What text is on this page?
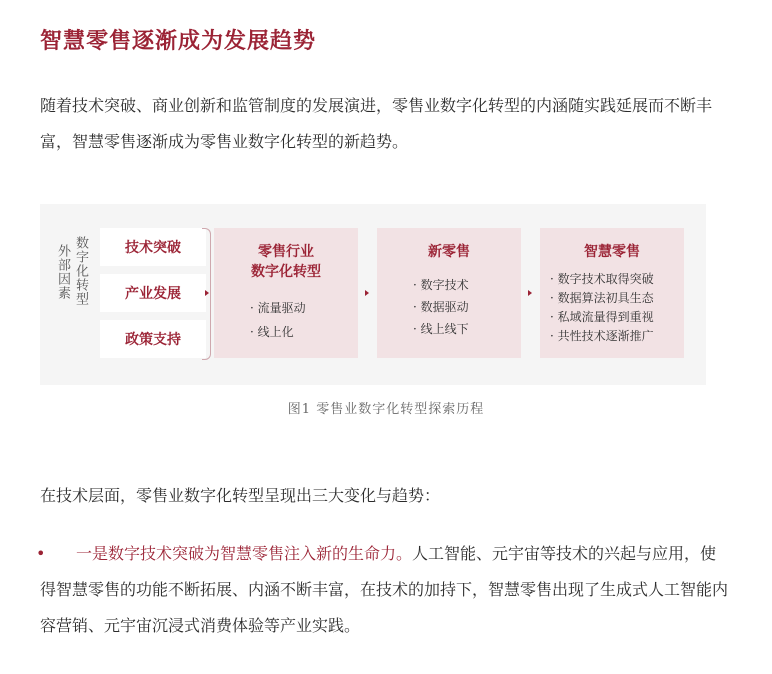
智慧零售逐渐成为发展趋势
随着技术突破、商业创新和监管制度的发展演进，零售业数字化转型的内涵随实践延展而不断丰富，智慧零售逐渐成为零售业数字化转型的新趋势。
外部因素 数字化转型	技术突破
产业发展
政策支持
零售行业
数字化转型
· 流量驱动
· 线上化
新零售
· 数字技术
· 数据驱动
· 线上线下
智慧零售
· 数字技术取得突破
· 数据算法初具生态
· 私域流量得到重视
· 共性技术逐渐推广
图1 零售业数字化转型探索历程
在技术层面，零售业数字化转型呈现出三大变化与趋势：
•	一是数字技术突破为智慧零售注入新的生命力。人工智能、元宇宙等技术的兴起与应用，使得智慧零售的功能不断拓展、内涵不断丰富，在技术的加持下，智慧零售出现了生成式人工智能内容营销、元宇宙沉浸式消费体验等产业实践。
